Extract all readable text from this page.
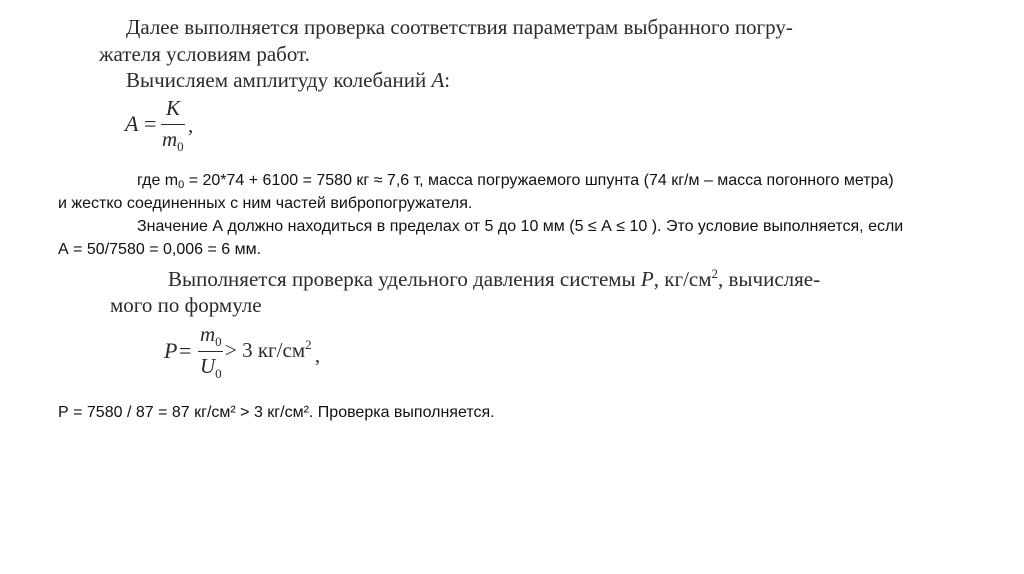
Далее выполняется проверка соответствия параметрам выбранного погру-
жателя условиям работ.
Вычисляем амплитуду колебаний A:
A =
K
$m_0$
,
где $m_0 = 20*74 + 6100 = 7580$ кг ≈ 7,6 т, масса погружаемого шпунта (74 кг/м – масса погонного метра)
и жестко соединенных с ним частей вибропогружателя.
Значение А должно находиться в пределах от 5 до 10 мм (5 ≤ А ≤ 10 ). Это условие выполняется, если
А = 50/7580 = 0,006 = 6 мм.
Выполняется проверка удельного давления системы P, $кг/см^2$, вычисляе-
мого по формуле
P =
$m_0$
$U_0$
> 3 $кг/см^2$
,
Р = 7580 / 87 = 87 кг/см² > 3 кг/см². Проверка выполняется.
